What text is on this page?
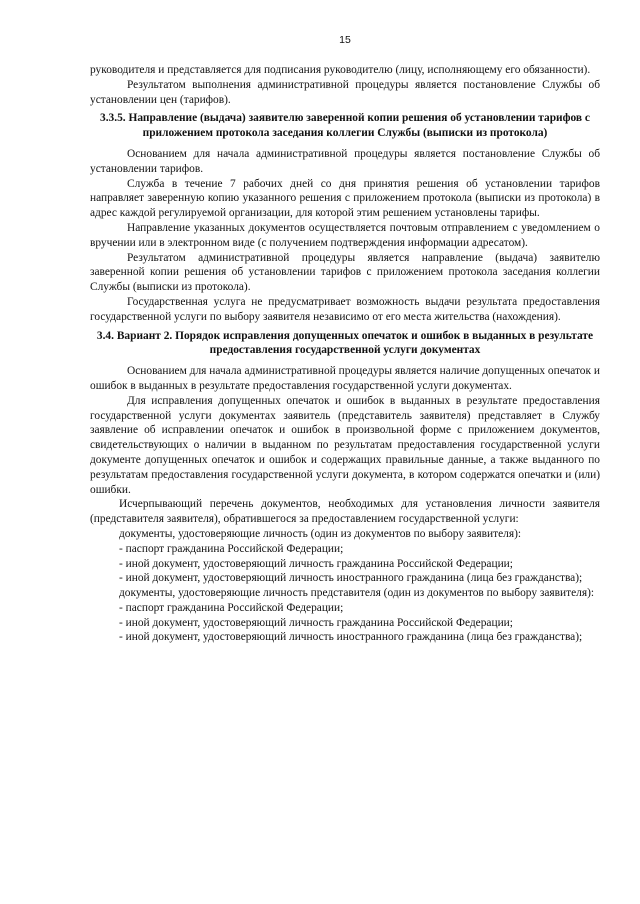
15

руководителя и представляется для подписания руководителю (лицу, исполняющему его обязанности).

Результатом выполнения административной процедуры является постановление Службы об установлении цен (тарифов).

3.3.5. Направление (выдача) заявителю заверенной копии решения об установлении тарифов с приложением протокола заседания коллегии Службы (выписки из протокола)

Основанием для начала административной процедуры является постановление Службы об установлении тарифов.

Служба в течение 7 рабочих дней со дня принятия решения об установлении тарифов направляет заверенную копию указанного решения с приложением протокола (выписки из протокола) в адрес каждой регулируемой организации, для которой этим решением установлены тарифы.

Направление указанных документов осуществляется почтовым отправлением с уведомлением о вручении или в электронном виде (с получением подтверждения информации адресатом).

Результатом административной процедуры является направление (выдача) заявителю заверенной копии решения об установлении тарифов с приложением протокола заседания коллегии Службы (выписки из протокола).

Государственная услуга не предусматривает возможность выдачи результата предоставления государственной услуги по выбору заявителя независимо от его места жительства (нахождения).

3.4. Вариант 2. Порядок исправления допущенных опечаток и ошибок в выданных в результате предоставления государственной услуги документах

Основанием для начала административной процедуры является наличие допущенных опечаток и ошибок в выданных в результате предоставления государственной услуги документах.

Для исправления допущенных опечаток и ошибок в выданных в результате предоставления государственной услуги документах заявитель (представитель заявителя) представляет в Службу заявление об исправлении опечаток и ошибок в произвольной форме с приложением документов, свидетельствующих о наличии в выданном по результатам предоставления государственной услуги документе допущенных опечаток и ошибок и содержащих правильные данные, а также выданного по результатам предоставления государственной услуги документа, в котором содержатся опечатки и (или) ошибки.

Исчерпывающий перечень документов, необходимых для установления личности заявителя (представителя заявителя), обратившегося за предоставлением государственной услуги:

документы, удостоверяющие личность (один из документов по выбору заявителя):

- паспорт гражданина Российской Федерации;

- иной документ, удостоверяющий личность гражданина Российской Федерации;

- иной документ, удостоверяющий личность иностранного гражданина (лица без гражданства);

документы, удостоверяющие личность представителя (один из документов по выбору заявителя):

- паспорт гражданина Российской Федерации;

- иной документ, удостоверяющий личность гражданина Российской Федерации;

- иной документ, удостоверяющий личность иностранного гражданина (лица без гражданства);
